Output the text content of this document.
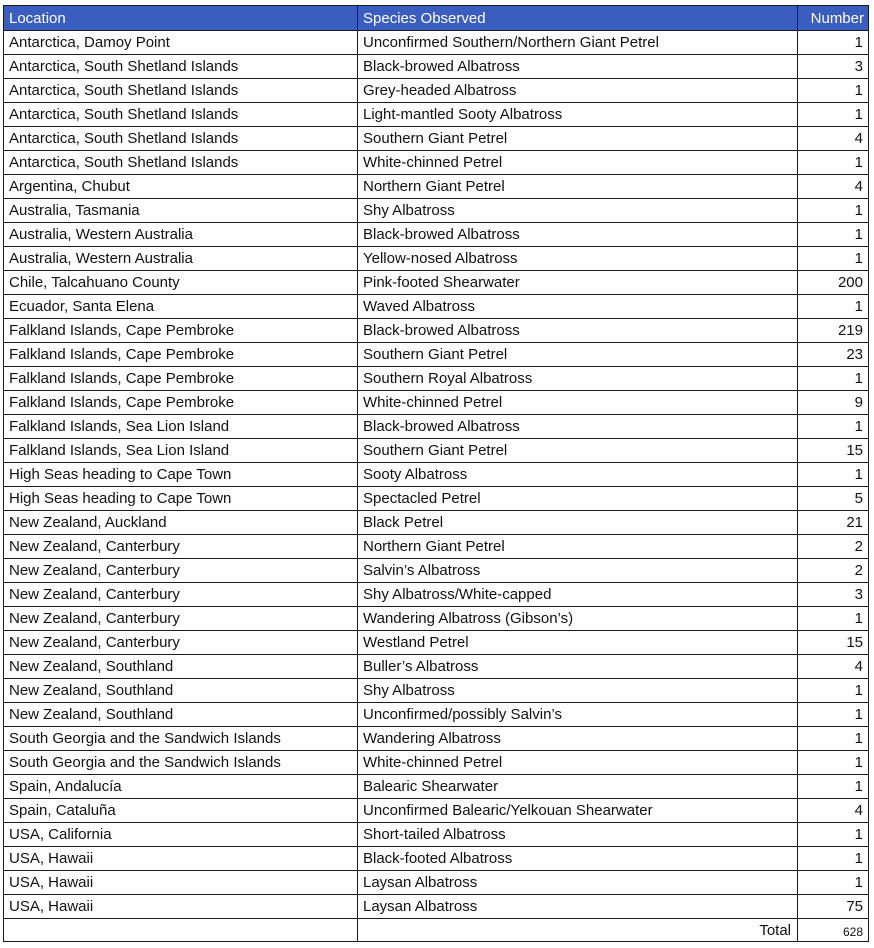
Location	Species Observed	Number
Antarctica, Damoy Point	Unconfirmed Southern/Northern Giant Petrel	1
Antarctica, South Shetland Islands	Black-browed Albatross	3
Antarctica, South Shetland Islands	Grey-headed Albatross	1
Antarctica, South Shetland Islands	Light-mantled Sooty Albatross	1
Antarctica, South Shetland Islands	Southern Giant Petrel	4
Antarctica, South Shetland Islands	White-chinned Petrel	1
Argentina, Chubut	Northern Giant Petrel	4
Australia, Tasmania	Shy Albatross	1
Australia, Western Australia	Black-browed Albatross	1
Australia, Western Australia	Yellow-nosed Albatross	1
Chile, Talcahuano County	Pink-footed Shearwater	200
Ecuador, Santa Elena	Waved Albatross	1
Falkland Islands, Cape Pembroke	Black-browed Albatross	219
Falkland Islands, Cape Pembroke	Southern Giant Petrel	23
Falkland Islands, Cape Pembroke	Southern Royal Albatross	1
Falkland Islands, Cape Pembroke	White-chinned Petrel	9
Falkland Islands, Sea Lion Island	Black-browed Albatross	1
Falkland Islands, Sea Lion Island	Southern Giant Petrel	15
High Seas heading to Cape Town	Sooty Albatross	1
High Seas heading to Cape Town	Spectacled Petrel	5
New Zealand, Auckland	Black Petrel	21
New Zealand, Canterbury	Northern Giant Petrel	2
New Zealand, Canterbury	Salvin’s Albatross	2
New Zealand, Canterbury	Shy Albatross/White-capped	3
New Zealand, Canterbury	Wandering Albatross (Gibson’s)	1
New Zealand, Canterbury	Westland Petrel	15
New Zealand, Southland	Buller’s Albatross	4
New Zealand, Southland	Shy Albatross	1
New Zealand, Southland	Unconfirmed/possibly Salvin’s	1
South Georgia and the Sandwich Islands	Wandering Albatross	1
South Georgia and the Sandwich Islands	White-chinned Petrel	1
Spain, Andalucía	Balearic Shearwater	1
Spain, Cataluña	Unconfirmed Balearic/Yelkouan Shearwater	4
USA, California	Short-tailed Albatross	1
USA, Hawaii	Black-footed Albatross	1
USA, Hawaii	Laysan Albatross	1
USA, Hawaii	Laysan Albatross	75
	Total	628
